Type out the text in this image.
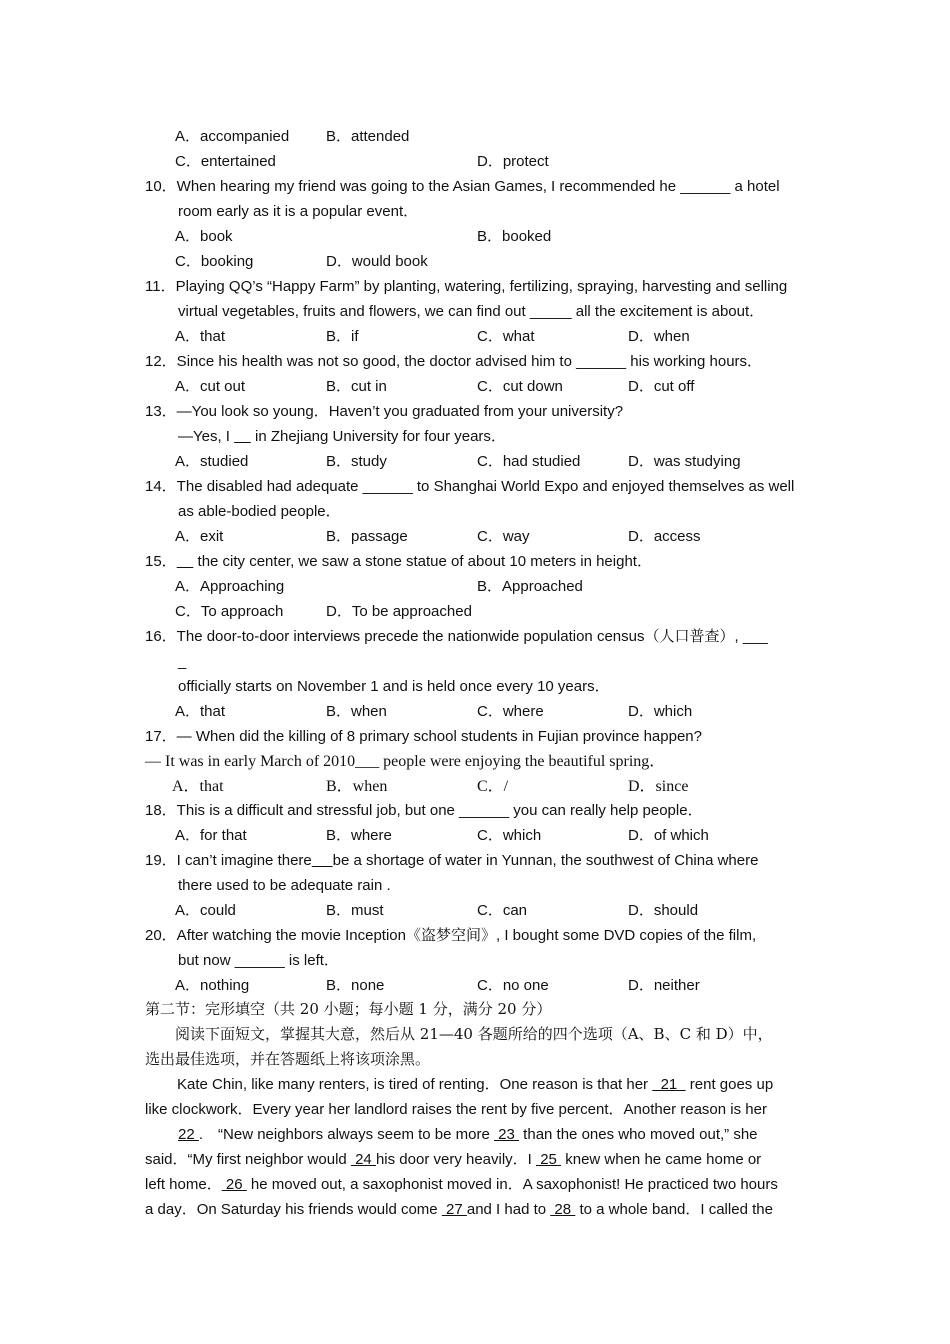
A．accompanied B．attended
C．entertained	D．protect
10．When hearing my friend was going to the Asian Games, I recommended he ______ a hotel
room early as it is a popular event．
A．book	B．booked
C．booking	D．would book
11．Playing QQ’s “Happy Farm” by planting, watering, fertilizing, spraying, harvesting and selling
virtual vegetables, fruits and flowers, we can find out _____ all the excitement is about．
A．that	B．if	C．what	D．when
12．Since his health was not so good, the doctor advised him to ______ his working hours．
A．cut out	B．cut in	C．cut down	D．cut off
13．—You look so young．Haven’t you graduated from your university?
—Yes, I      in Zhejiang University for four years．
A．studied	B．study	C．had studied	D．was studying
14．The disabled had adequate ______ to Shanghai World Expo and enjoyed themselves as well
as able-bodied people．
A．exit	B．passage	C．way	D．access
15．     the city center, we saw a stone statue of about 10 meters in height．
A．Approaching	B．Approached
C．To approach	D．To be approached
16．The door-to-door interviews precede the nationwide population census（人口普查）, ___
_
officially starts on November 1 and is held once every 10 years．
A．that	B．when	C．where	D．which
17．— When did the killing of 8 primary school students in Fujian province happen?
— It was in early March of 2010___ people were enjoying the beautiful spring．
A．that	B．when	C．/	D．since
18．This is a difficult and stressful job, but one ______ you can really help people．
A．for that	B．where	C．which	D．of which
19．I can’t imagine there be a shortage of water in Yunnan, the southwest of China where
there used to be adequate rain .
A．could	B．must	C．can	D．should
20．After watching the movie Inception《盗梦空间》, I bought some DVD copies of the film,
but now ______ is left．
A．nothing	B．none	C．no one	D．neither
第二节：完形填空（共 20 小题；每小题 1 分，满分 20 分）
阅读下面短文，掌握其大意，然后从 21—40 各题所给的四个选项（A、B、C 和 D）中，
选出最佳选项，并在答题纸上将该项涂黑。
Kate Chin, like many renters, is tired of renting．One reason is that her   21   rent goes up
like clockwork．Every year her landlord raises the rent by five percent．Another reason is her
22 .　“New neighbors always seem to be more  23  than the ones who moved out,” she
said．“My first neighbor would  24 his door very heavily．I  25  knew when he came home or
left home． 26  he moved out, a saxophonist moved in．A saxophonist! He practiced two hours
a day．On Saturday his friends would come  27 and I had to  28  to a whole band．I called the
